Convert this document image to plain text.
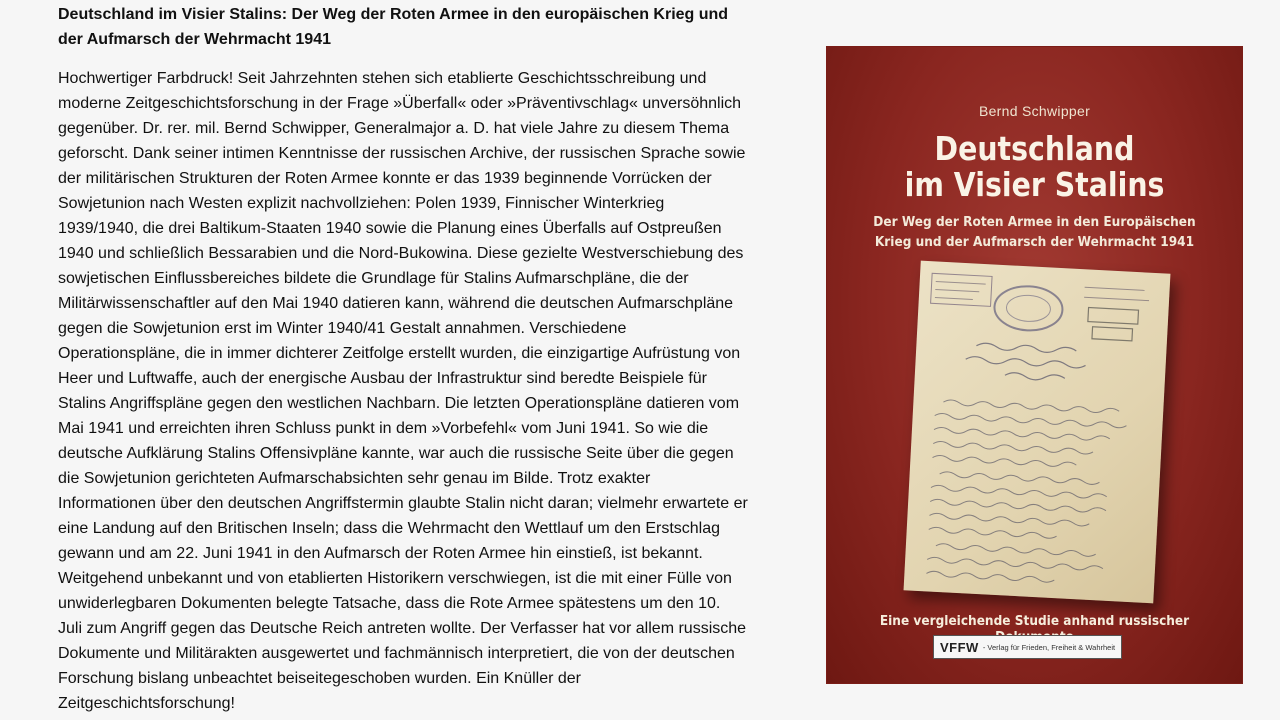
Deutschland im Visier Stalins: Der Weg der Roten Armee in den europäischen Krieg und
der Aufmarsch der Wehrmacht 1941
Hochwertiger Farbdruck! Seit Jahrzehnten stehen sich etablierte Geschichtsschreibung und
moderne Zeitgeschichtsforschung in der Frage »Überfall« oder »Präventivschlag« unversöhnlich
gegenüber. Dr. rer. mil. Bernd Schwipper, Generalmajor a. D. hat viele Jahre zu diesem Thema
geforscht. Dank seiner intimen Kenntnisse der russischen Archive, der russischen Sprache sowie
der militärischen Strukturen der Roten Armee konnte er das 1939 beginnende Vorrücken der
Sowjetunion nach Westen explizit nachvollziehen: Polen 1939, Finnischer Winterkrieg
1939/1940, die drei Baltikum-Staaten 1940 sowie die Planung eines Überfalls auf Ostpreußen
1940 und schließlich Bessarabien und die Nord-Bukowina. Diese gezielte Westverschiebung des
sowjetischen Einflussbereiches bildete die Grundlage für Stalins Aufmarschpläne, die der
Militärwissenschaftler auf den Mai 1940 datieren kann, während die deutschen Aufmarschpläne
gegen die Sowjetunion erst im Winter 1940/41 Gestalt annahmen. Verschiedene
Operationspläne, die in immer dichterer Zeitfolge erstellt wurden, die einzigartige Aufrüstung von
Heer und Luftwaffe, auch der energische Ausbau der Infrastruktur sind beredte Beispiele für
Stalins Angriffspläne gegen den westlichen Nachbarn. Die letzten Operationspläne datieren vom
Mai 1941 und erreichten ihren Schluss punkt in dem »Vorbefehl« vom Juni 1941. So wie die
deutsche Aufklärung Stalins Offensivpläne kannte, war auch die russische Seite über die gegen
die Sowjetunion gerichteten Aufmarschabsichten sehr genau im Bilde. Trotz exakter
Informationen über den deutschen Angriffstermin glaubte Stalin nicht daran; vielmehr erwartete er
eine Landung auf den Britischen Inseln; dass die Wehrmacht den Wettlauf um den Erstschlag
gewann und am 22. Juni 1941 in den Aufmarsch der Roten Armee hin einstieß, ist bekannt.
Weitgehend unbekannt und von etablierten Historikern verschwiegen, ist die mit einer Fülle von
unwiderlegbaren Dokumenten belegte Tatsache, dass die Rote Armee spätestens um den 10.
Juli zum Angriff gegen das Deutsche Reich antreten wollte. Der Verfasser hat vor allem russische
Dokumente und Militärakten ausgewertet und fachmännisch interpretiert, die von der deutschen
Forschung bislang unbeachtet beiseitegeschoben wurden. Ein Knüller der
Zeitgeschichtsforschung!
Bernd Schwipper
Deutschland
im Visier Stalins
Der Weg der Roten Armee in den Europäischen
Krieg und der Aufmarsch der Wehrmacht 1941
Eine vergleichende Studie anhand russischer
VFFW - Verlag für Frieden, Freiheit & Wahrheit
